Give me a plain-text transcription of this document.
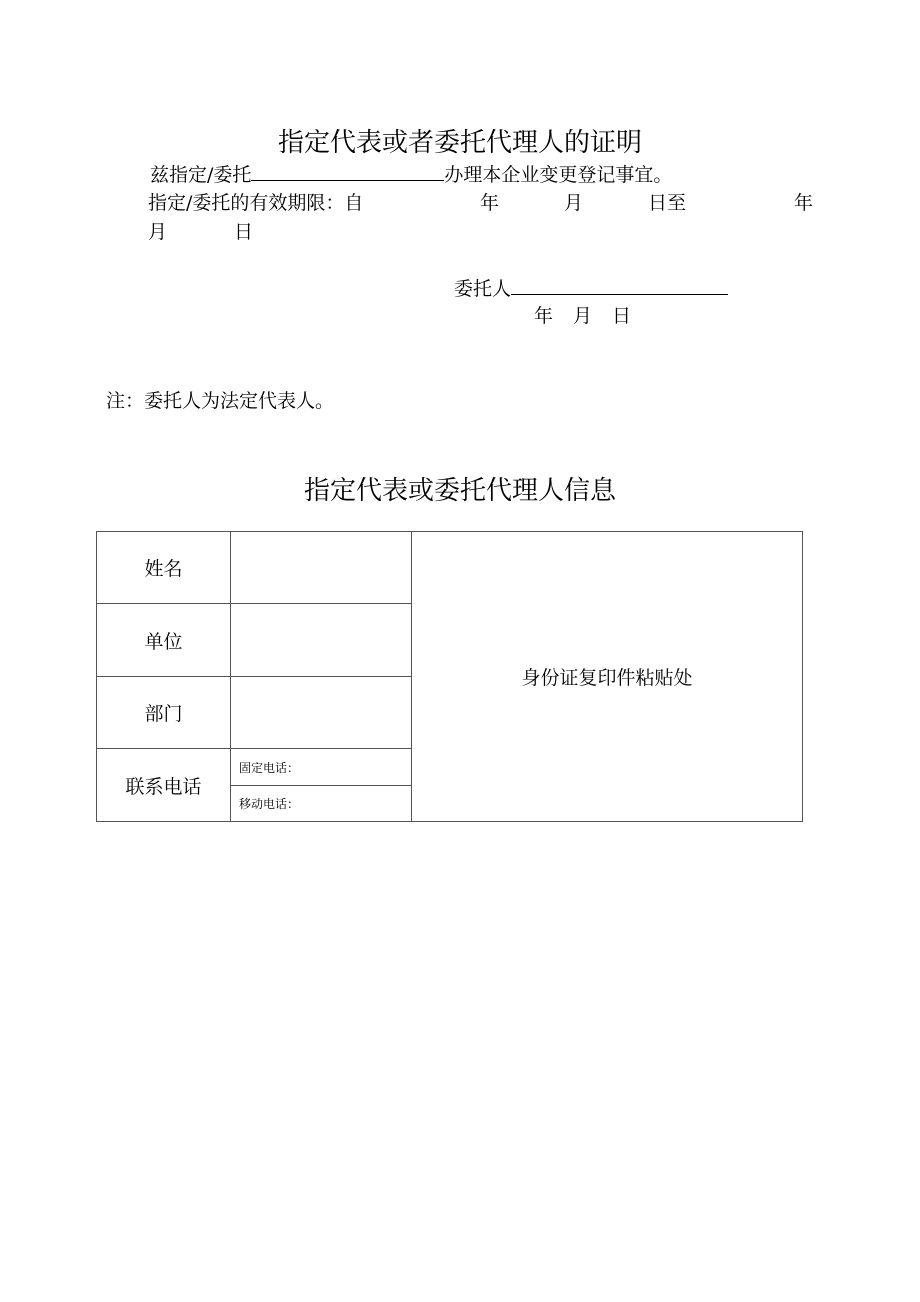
指定代表或者委托代理人的证明
兹指定/委托	办理本企业变更登记事宜。
指定/委托的有效期限：自	年	月	日至	年
月	日
委托人
年 月 日
注：委托人为法定代表人。
指定代表或委托代理人信息
姓名		身份证复印件粘贴处
单位		
部门		
联系电话	固定电话：	
	移动电话：	
